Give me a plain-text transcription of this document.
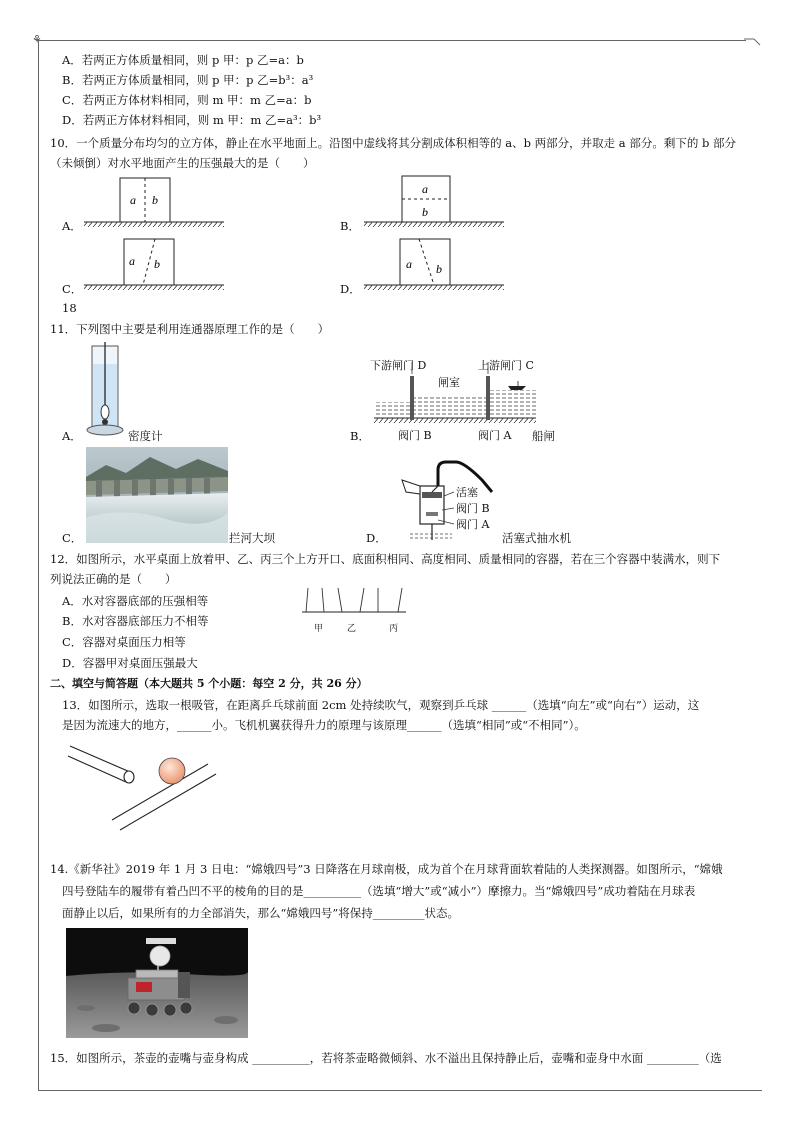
⚘
A．若两正方体质量相同，则 p 甲：p 乙=a：b
B．若两正方体质量相同，则 p 甲：p 乙=b³：a³
C．若两正方体材料相同，则 m 甲：m 乙=a：b
D．若两正方体材料相同，则 m 甲：m 乙=a³：b³
10．一个质量分布均匀的立方体，静止在水平地面上。沿图中虚线将其分割成体积相等的 a、b 两部分，并取走 a 部分。剩下的 b 部分
（未倾倒）对水平地面产生的压强最大的是（　　）
A．
a b
B．
a
b
C．
a b
D．
a b
18
11．下列图中主要是利用连通器原理工作的是（　　）
A．	密度计	B．
下游闸门 D
闸室
上游闸门 C
阀门 B	阀门 A 船闸
C．	拦河大坝	D．
活塞
阀门 B
阀门 A
活塞式抽水机
12．如图所示，水平桌面上放着甲、乙、丙三个上方开口、底面积相同、高度相同、质量相同的容器，若在三个容器中装满水，则下
列说法正确的是（　　）
A．水对容器底部的压强相等
B．水对容器底部压力不相等
C．容器对桌面压力相等
D．容器甲对桌面压强最大
甲	乙	丙
二、填空与简答题（本大题共 5 个小题：每空 2 分，共 26 分）
13．如图所示，选取一根吸管，在距离乒乓球前面 2cm 处持续吹气，观察到乒乓球 ______（选填“向左”或“向右”）运动，这
是因为流速大的地方，______小。飞机机翼获得升力的原理与该原理______（选填“相同”或“不相同”）。
14.《新华社》2019 年 1 月 3 日电：“嫦娥四号”3 日降落在月球南极，成为首个在月球背面软着陆的人类探测器。如图所示，“嫦娥
四号登陆车的履带有着凸凹不平的棱角的目的是__________（选填“增大”或“减小”）摩擦力。当“嫦娥四号”成功着陆在月球表
面静止以后，如果所有的力全部消失，那么“嫦娥四号”将保持_________状态。
15．如图所示，茶壶的壶嘴与壶身构成 __________，若将茶壶略微倾斜、水不溢出且保持静止后，壶嘴和壶身中水面 _________（选
